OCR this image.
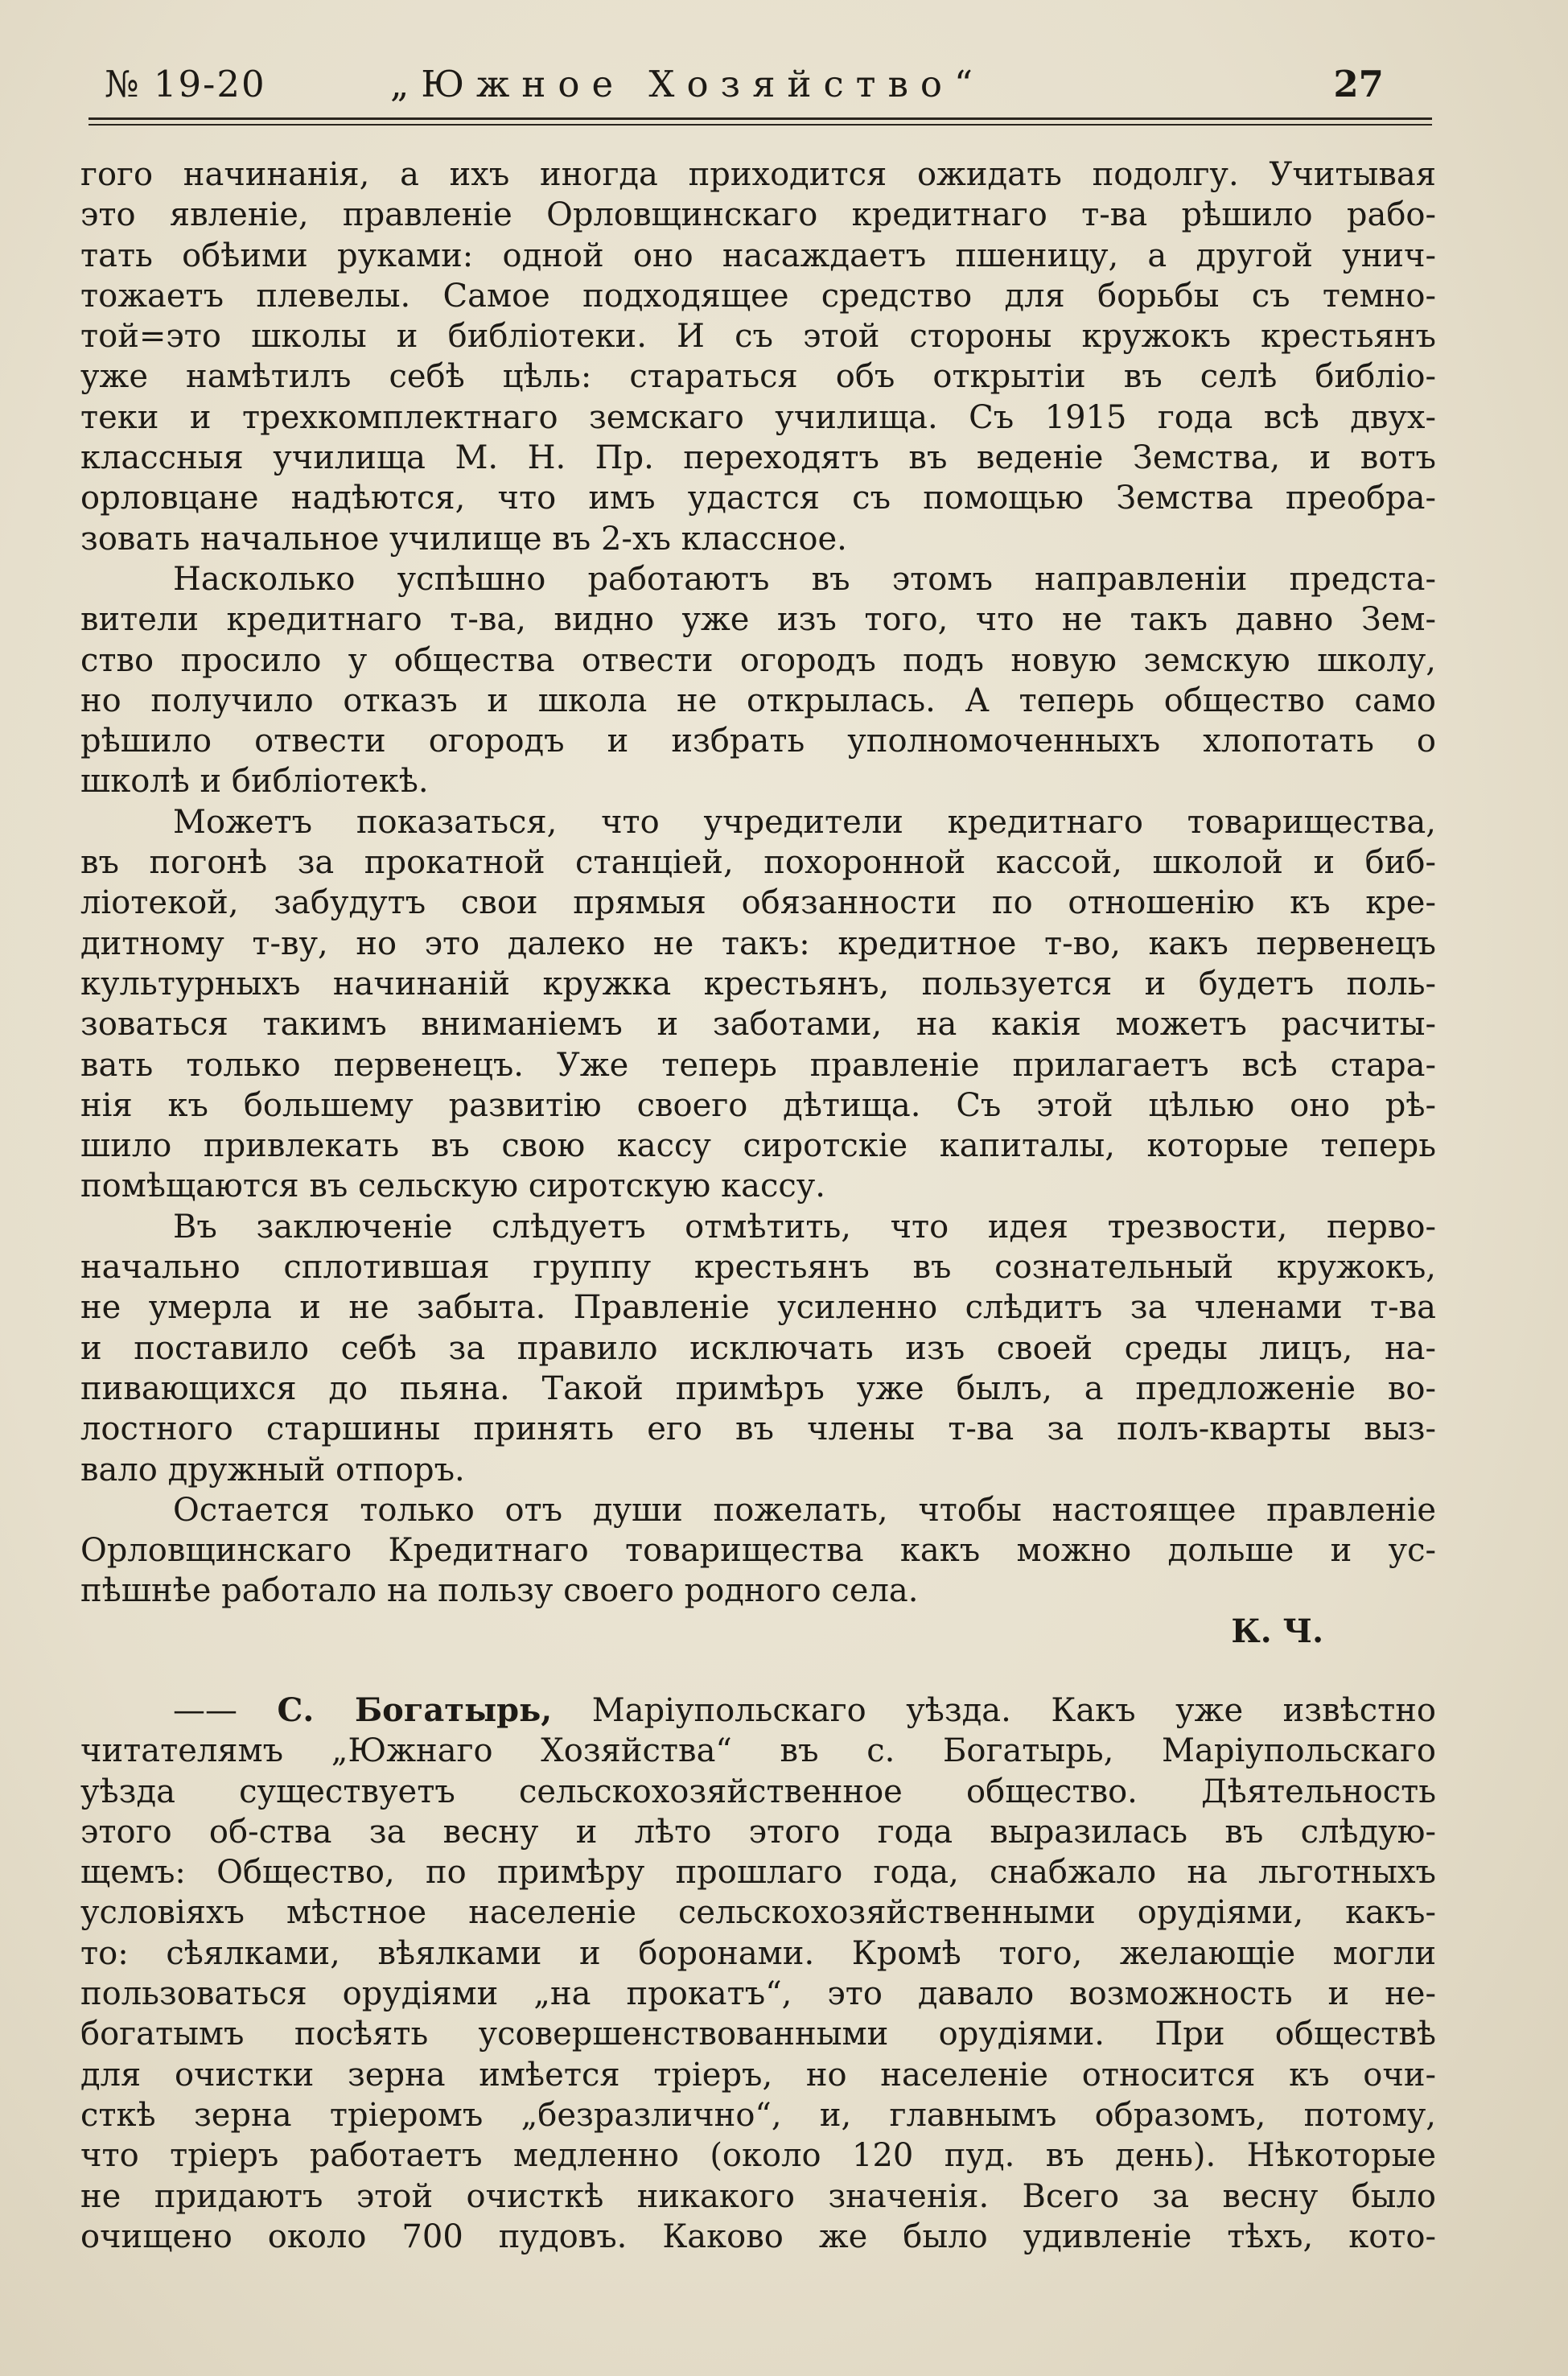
№ 19-20	„Южное Хозяйство“	27
гого начинанія, а ихъ иногда приходится ожидать подолгу. Учитывая
это явленіе, правленіе Орловщинскаго кредитнаго т-ва рѣшило рабо-
тать обѣими руками: одной оно насаждаетъ пшеницу, а другой унич-
тожаетъ плевелы. Самое подходящее средство для борьбы съ темно-
той=это школы и библіотеки. И съ этой стороны кружокъ крестьянъ
уже намѣтилъ себѣ цѣль: стараться объ открытіи въ селѣ библіо-
теки и трехкомплектнаго земскаго училища. Съ 1915 года всѣ двух-
классныя училища М. Н. Пр. переходятъ въ веденіе Земства, и вотъ
орловцане надѣются, что имъ удастся съ помощью Земства преобра-
зовать начальное училище въ 2-хъ классное.
Насколько успѣшно работаютъ въ этомъ направленіи предста-
вители кредитнаго т-ва, видно уже изъ того, что не такъ давно Зем-
ство просило у общества отвести огородъ подъ новую земскую школу,
но получило отказъ и школа не открылась. А теперь общество само
рѣшило отвести огородъ и избрать уполномоченныхъ хлопотать о
школѣ и библіотекѣ.
Можетъ показаться, что учредители кредитнаго товарищества,
въ погонѣ за прокатной станціей, похоронной кассой, школой и биб-
ліотекой, забудутъ свои прямыя обязанности по отношенію къ кре-
дитному т-ву, но это далеко не такъ: кредитное т-во, какъ первенецъ
культурныхъ начинаній кружка крестьянъ, пользуется и будетъ поль-
зоваться такимъ вниманіемъ и заботами, на какія можетъ расчиты-
вать только первенецъ. Уже теперь правленіе прилагаетъ всѣ стара-
нія къ большему развитію своего дѣтища. Съ этой цѣлью оно рѣ-
шило привлекать въ свою кассу сиротскіе капиталы, которые теперь
помѣщаются въ сельскую сиротскую кассу.
Въ заключеніе слѣдуетъ отмѣтить, что идея трезвости, перво-
начально сплотившая группу крестьянъ въ сознательный кружокъ,
не умерла и не забыта. Правленіе усиленно слѣдитъ за членами т-ва
и поставило себѣ за правило исключать изъ своей среды лицъ, на-
пивающихся до пьяна. Такой примѣръ уже былъ, а предложеніе во-
лостного старшины принять его въ члены т-ва за полъ-кварты выз-
вало дружный отпоръ.
Остается только отъ души пожелать, чтобы настоящее правленіе
Орловщинскаго Кредитнаго товарищества какъ можно дольше и ус-
пѣшнѣе работало на пользу своего родного села.
К. Ч.
—— С. Богатырь, Маріупольскаго уѣзда. Какъ уже извѣстно
читателямъ „Южнаго Хозяйства“ въ с. Богатырь, Маріупольскаго
уѣзда существуетъ сельскохозяйственное общество. Дѣятельность
этого об-ства за весну и лѣто этого года выразилась въ слѣдую-
щемъ: Общество, по примѣру прошлаго года, снабжало на льготныхъ
условіяхъ мѣстное населеніе сельскохозяйственными орудіями, какъ-
то: сѣялками, вѣялками и боронами. Кромѣ того, желающіе могли
пользоваться орудіями „на прокатъ“, это давало возможность и не-
богатымъ посѣять усовершенствованными орудіями. При обществѣ
для очистки зерна имѣется тріеръ, но населеніе относится къ очи-
сткѣ зерна тріеромъ „безразлично“, и, главнымъ образомъ, потому,
что тріеръ работаетъ медленно (около 120 пуд. въ день). Нѣкоторые
не придаютъ этой очисткѣ никакого значенія. Всего за весну было
очищено около 700 пудовъ. Каково же было удивленіе тѣхъ, кото-
